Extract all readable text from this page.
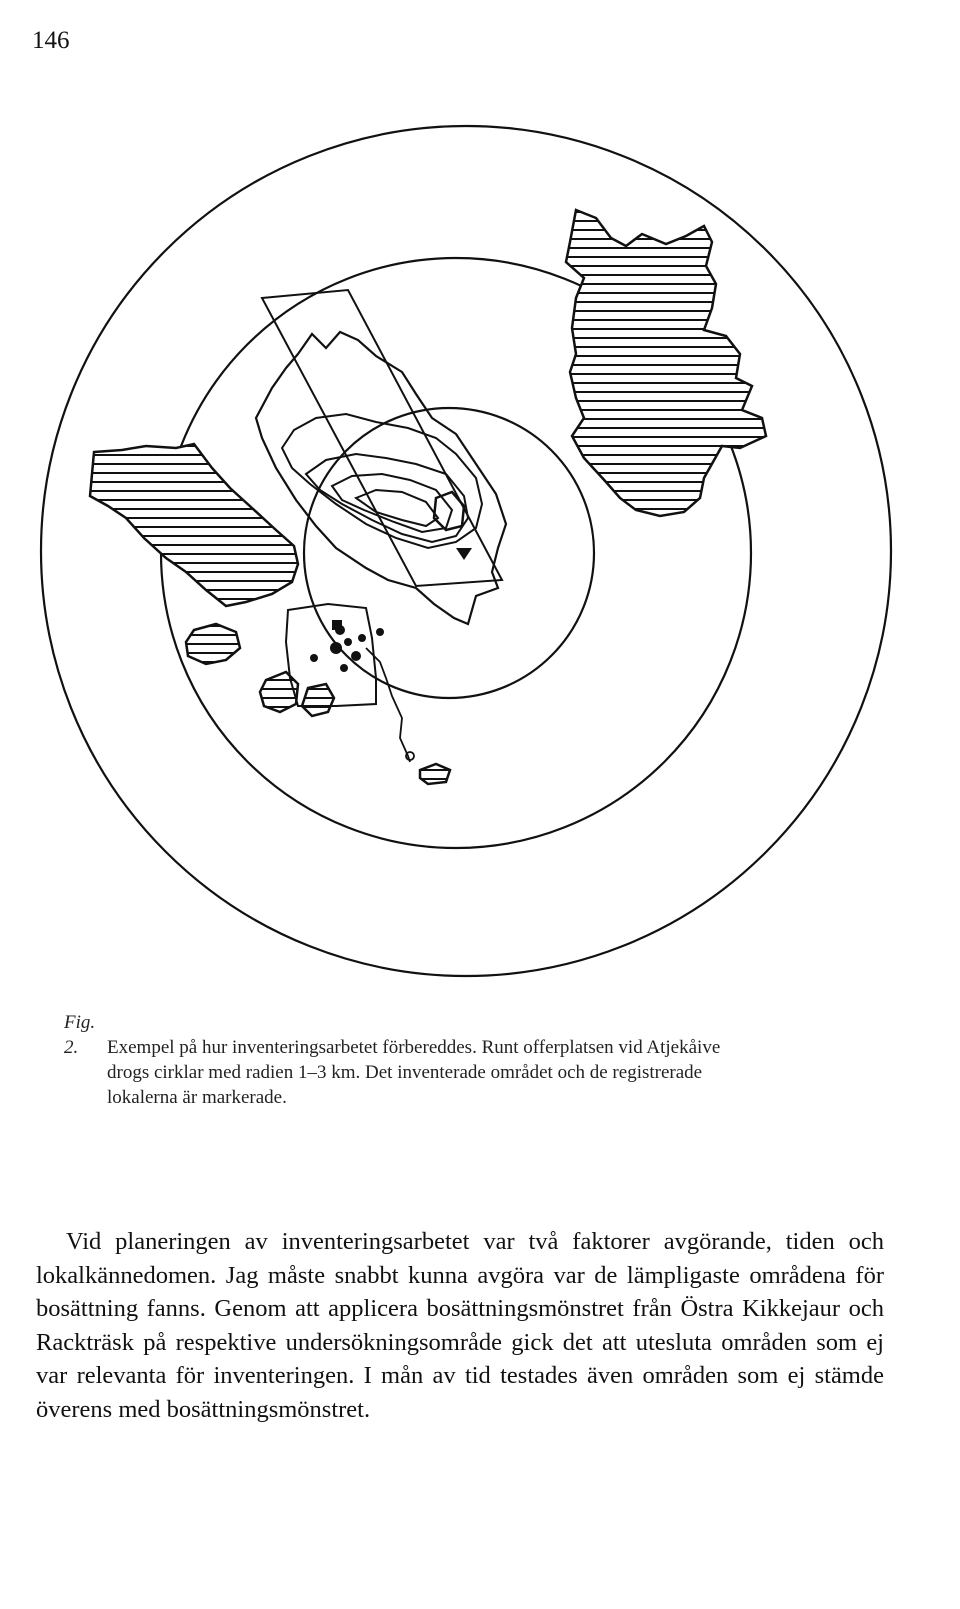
146
Fig. 2. Exempel på hur inventeringsarbetet förbereddes. Runt offerplatsen vid Atjekåive
drogs cirklar med radien 1–3 km. Det inventerade området och de registrerade
lokalerna är markerade.

Vid planeringen av inventeringsarbetet var två faktorer avgörande, tiden och lokalkännedomen. Jag måste snabbt kunna avgöra var de lämpligaste områdena för bosättning fanns. Genom att applicera bosättningsmönstret från Östra Kikkejaur och Rackträsk på respektive undersökningsområde gick det att utesluta områden som ej var relevanta för inventeringen. I mån av tid testades även områden som ej stämde överens med bosättningsmönstret.
